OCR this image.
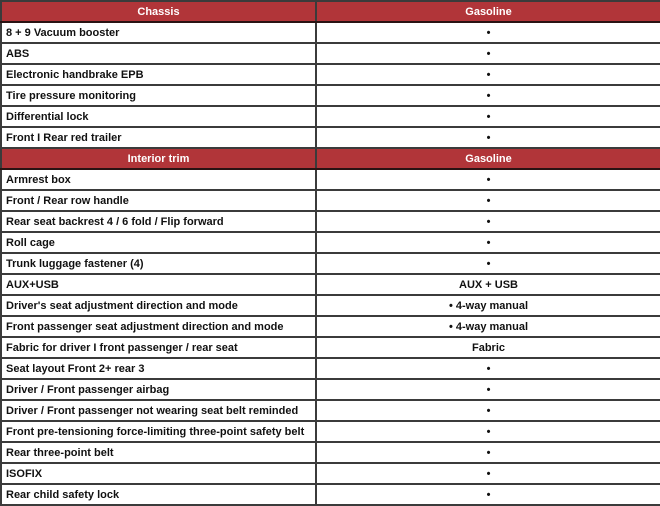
Chassis	Gasoline
8 + 9 Vacuum booster	•
ABS	•
Electronic handbrake EPB	•
Tire pressure monitoring	•
Differential lock	•
Front I Rear red trailer	•
Interior trim	Gasoline
Armrest box	•
Front / Rear row handle	•
Rear seat backrest 4 / 6 fold / Flip forward	•
Roll cage	•
Trunk luggage fastener (4)	•
AUX+USB	AUX + USB
Driver's seat adjustment direction and mode	• 4-way manual
Front passenger seat adjustment direction and mode	• 4-way manual
Fabric for driver I front passenger / rear seat	Fabric
Seat layout Front 2+ rear 3	•
Driver / Front passenger airbag	•
Driver / Front passenger not wearing seat belt reminded	•
Front pre-tensioning force-limiting three-point safety belt	•
Rear three-point belt	•
ISOFIX	•
Rear child safety lock	•
